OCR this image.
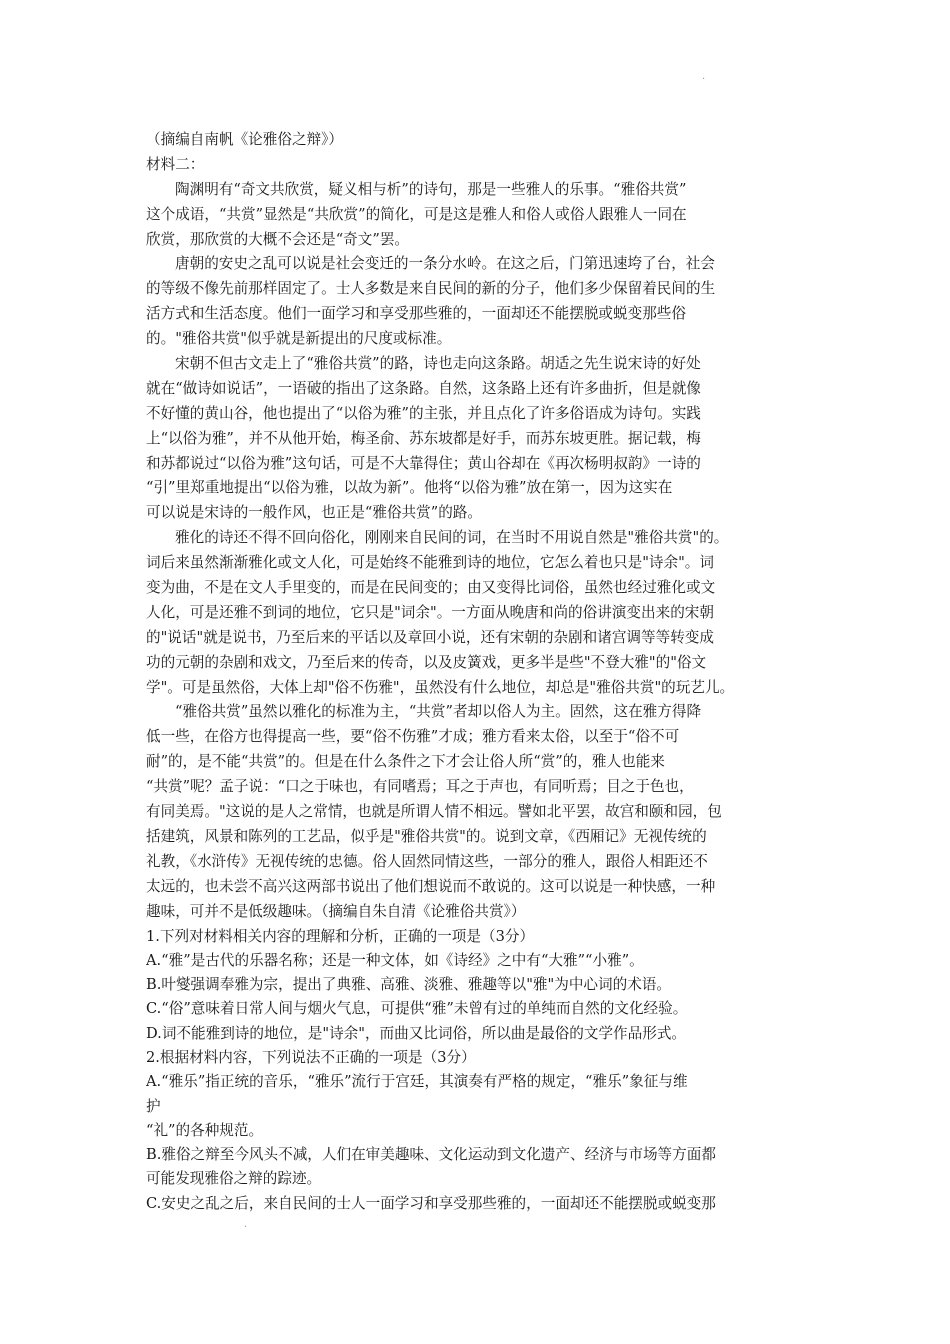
·
（摘编自南帆《论雅俗之辩》）
材料二：
陶渊明有“奇文共欣赏，疑义相与析”的诗句，那是一些雅人的乐事。“雅俗共赏”
这个成语，“共赏”显然是“共欣赏”的简化，可是这是雅人和俗人或俗人跟雅人一同在
欣赏，那欣赏的大概不会还是“奇文”罢。
唐朝的安史之乱可以说是社会变迁的一条分水岭。在这之后，门第迅速垮了台，社会
的等级不像先前那样固定了。士人多数是来自民间的新的分子，他们多少保留着民间的生
活方式和生活态度。他们一面学习和享受那些雅的，一面却还不能摆脱或蜕变那些俗
的。"雅俗共赏"似乎就是新提出的尺度或标准。
宋朝不但古文走上了“雅俗共赏”的路，诗也走向这条路。胡适之先生说宋诗的好处
就在“做诗如说话”，一语破的指出了这条路。自然，这条路上还有许多曲折，但是就像
不好懂的黄山谷，他也提出了“以俗为雅”的主张，并且点化了许多俗语成为诗句。实践
上“以俗为雅”，并不从他开始，梅圣俞、苏东坡都是好手，而苏东坡更胜。据记载，梅
和苏都说过“以俗为雅”这句话，可是不大靠得住；黄山谷却在《再次杨明叔韵》一诗的
“引”里郑重地提出“以俗为雅，以故为新”。他将“以俗为雅”放在第一，因为这实在
可以说是宋诗的一般作风，也正是“雅俗共赏”的路。
雅化的诗还不得不回向俗化，刚刚来自民间的词，在当时不用说自然是"雅俗共赏"的。
词后来虽然渐渐雅化或文人化，可是始终不能雅到诗的地位，它怎么着也只是"诗余"。词
变为曲，不是在文人手里变的，而是在民间变的；由又变得比词俗，虽然也经过雅化或文
人化，可是还雅不到词的地位，它只是"词余"。一方面从晚唐和尚的俗讲演变出来的宋朝
的"说话"就是说书，乃至后来的平话以及章回小说，还有宋朝的杂剧和诸宫调等等转变成
功的元朝的杂剧和戏文，乃至后来的传奇，以及皮簧戏，更多半是些"不登大雅"的"俗文
学"。可是虽然俗，大体上却"俗不伤雅"，虽然没有什么地位，却总是"雅俗共赏"的玩艺儿。
“雅俗共赏”虽然以雅化的标准为主，“共赏”者却以俗人为主。固然，这在雅方得降
低一些，在俗方也得提高一些，要“俗不伤雅”才成；雅方看来太俗，以至于“俗不可
耐”的，是不能“共赏”的。但是在什么条件之下才会让俗人所“赏”的，雅人也能来
“共赏”呢？孟子说：“口之于味也，有同嗜焉；耳之于声也，有同听焉；目之于色也，
有同美焉。"这说的是人之常情，也就是所谓人情不相远。譬如北平罢，故宫和颐和园，包
括建筑，风景和陈列的工艺品，似乎是"雅俗共赏"的。说到文章，《西厢记》无视传统的
礼教，《水浒传》无视传统的忠德。俗人固然同情这些，一部分的雅人，跟俗人相距还不
太远的，也未尝不高兴这两部书说出了他们想说而不敢说的。这可以说是一种快感，一种
趣味，可并不是低级趣味。（摘编自朱自清《论雅俗共赏》）
1.下列对材料相关内容的理解和分析，正确的一项是（3分）
A.“雅”是古代的乐器名称；还是一种文体，如《诗经》之中有“大雅”“小雅”。
B.叶燮强调奉雅为宗，提出了典雅、高雅、淡雅、雅趣等以"雅"为中心词的术语。
C.“俗”意味着日常人间与烟火气息，可提供“雅”未曾有过的单纯而自然的文化经验。
D.词不能雅到诗的地位，是"诗余"，而曲又比词俗，所以曲是最俗的文学作品形式。
2.根据材料内容，下列说法不正确的一项是（3分）
A.“雅乐”指正统的音乐，“雅乐”流行于宫廷，其演奏有严格的规定，“雅乐”象征与维
护
“礼”的各种规范。
B.雅俗之辩至今风头不减，人们在审美趣味、文化运动到文化遗产、经济与市场等方面都
可能发现雅俗之辩的踪迹。
C.安史之乱之后，来自民间的士人一面学习和享受那些雅的，一面却还不能摆脱或蜕变那
·
